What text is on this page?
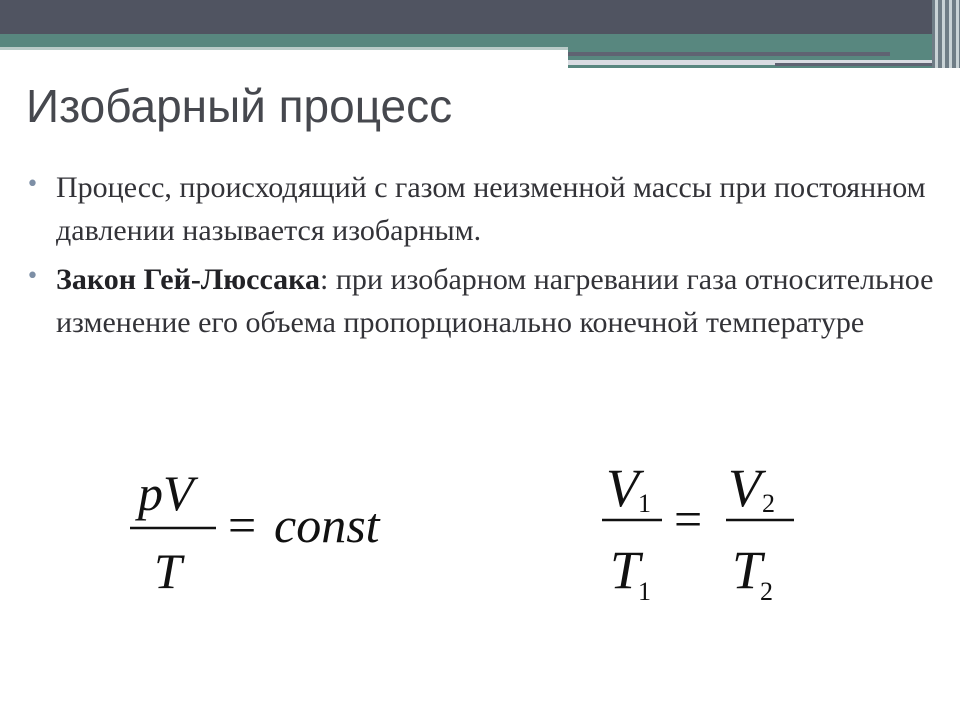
Изобарный процесс
• Процесс, происходящий с газом неизменной массы при постоянном давлении называется изобарным.
• Закон Гей-Люссака: при изобарном нагревании газа относительное изменение его объема пропорционально конечной температуре
pV
T
= const
V 1
T
1
=
V 2
T
2
